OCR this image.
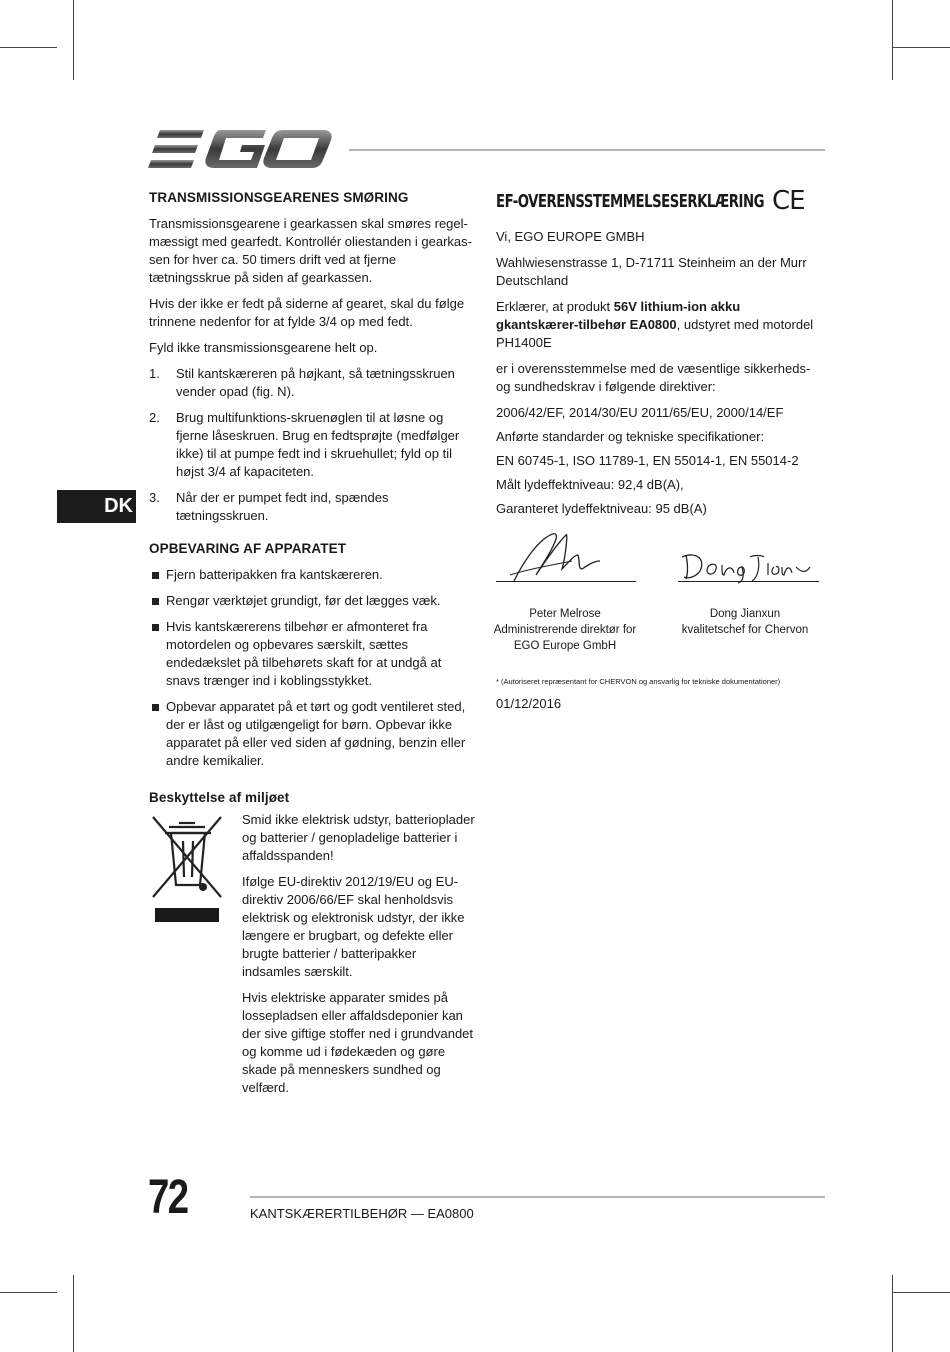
EGO
DK
TRANSMISSIONSGEARENES SMØRING

Transmissionsgearene i gearkassen skal smøres regel-mæssigt med gearfedt. Kontrollér oliestanden i gearkas-sen for hver ca. 50 timers drift ved at fjerne tætningsskrue på siden af gearkassen.

Hvis der ikke er fedt på siderne af gearet, skal du følge trinnene nedenfor for at fylde 3/4 op med fedt.

Fyld ikke transmissionsgearene helt op.

1. Stil kantskæreren på højkant, så tætningsskruen vender opad (fig. N).
2. Brug multifunktions-skruenøglen til at løsne og fjerne låseskruen. Brug en fedtsprøjte (medfølger ikke) til at pumpe fedt ind i skruehullet; fyld op til højst 3/4 af kapaciteten.
3. Når der er pumpet fedt ind, spændes tætningsskruen.
OPBEVARING AF APPARATET
Fjern batteripakken fra kantskæreren.
Rengør værktøjet grundigt, før det lægges væk.
Hvis kantskærerens tilbehør er afmonteret fra motordelen og opbevares særskilt, sættes endedækslet på tilbehørets skaft for at undgå at snavs trænger ind i koblingsstykket.
Opbevar apparatet på et tørt og godt ventileret sted, der er låst og utilgængeligt for børn. Opbevar ikke apparatet på eller ved siden af gødning, benzin eller andre kemikalier.
Beskyttelse af miljøet

Smid ikke elektrisk udstyr, batterioplader og batterier / genopladelige batterier i affaldsspanden!

Ifølge EU-direktiv 2012/19/EU og EU-direktiv 2006/66/EF skal henholdsvis elektrisk og elektronisk udstyr, der ikke længere er brugbart, og defekte eller brugte batterier / batteripakker indsamles særskilt.

Hvis elektriske apparater smides på lossepladsen eller affaldsdeponier kan der sive giftige stoffer ned i grundvandet og komme ud i fødekæden og gøre skade på menneskers sundhed og velfærd.

EF-OVERENSSTEMMELSESERKLÆRING CE

Vi, EGO EUROPE GMBH

Wahlwiesenstrasse 1, D-71711 Steinheim an der Murr Deutschland

Erklærer, at produkt 56V lithium-ion akku gkantskærer-tilbehør EA0800, udstyret med motordel PH1400E

er i overensstemmelse med de væsentlige sikkerheds- og sundhedskrav i følgende direktiver:

2006/42/EF, 2014/30/EU 2011/65/EU, 2000/14/EF

Anførte standarder og tekniske specifikationer:

EN 60745-1, ISO 11789-1, EN 55014-1, EN 55014-2

Målt lydeffektniveau: 92,4 dB(A),

Garanteret lydeffektniveau: 95 dB(A)

Peter Melrose
Administrerende direktør for
EGO Europe GmbH
Dong Jianxun
kvalitetschef for Chervon
* (Autoriseret repræsentant for CHERVON og ansvarlig for tekniske dokumentationer)
01/12/2016
72	KANTSKÆRERTILBEHØR — EA0800
